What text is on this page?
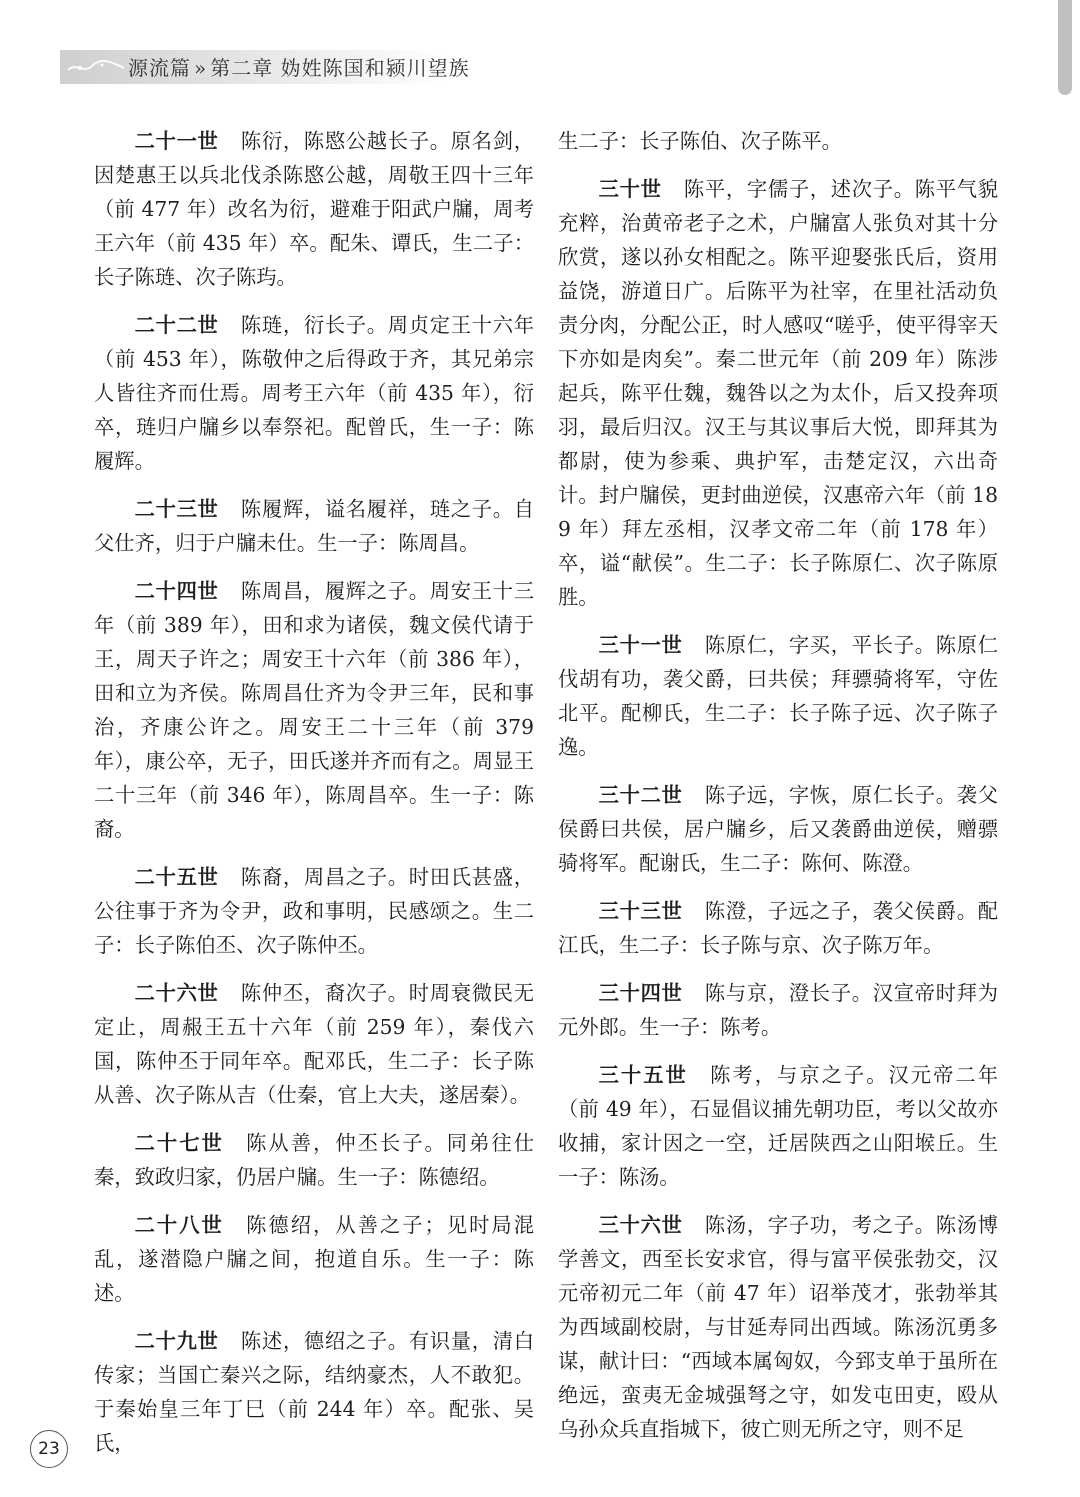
源流篇 » 第二章 妫姓陈国和颍川望族

二十一世 陈衍，陈愍公越长子。原名剑，因楚惠王以兵北伐杀陈愍公越，周敬王四十三年（前 477 年）改名为衍，避难于阳武户牖，周考王六年（前 435 年）卒。配朱、谭氏，生二子：长子陈琏、次子陈玙。

二十二世 陈琏，衍长子。周贞定王十六年（前 453 年），陈敬仲之后得政于齐，其兄弟宗人皆往齐而仕焉。周考王六年（前 435 年），衍卒，琏归户牖乡以奉祭祀。配曾氏，生一子：陈履辉。

二十三世 陈履辉，谥名履祥，琏之子。自父仕齐，归于户牖未仕。生一子：陈周昌。

二十四世 陈周昌，履辉之子。周安王十三年（前 389 年），田和求为诸侯，魏文侯代请于王，周天子许之；周安王十六年（前 386 年），田和立为齐侯。陈周昌仕齐为令尹三年，民和事治，齐康公许之。周安王二十三年（前 379 年），康公卒，无子，田氏遂并齐而有之。周显王二十三年（前 346 年），陈周昌卒。生一子：陈裔。

二十五世 陈裔，周昌之子。时田氏甚盛，公往事于齐为令尹，政和事明，民感颂之。生二子：长子陈伯丕、次子陈仲丕。

二十六世 陈仲丕，裔次子。时周衰微民无定止，周赧王五十六年（前 259 年），秦伐六国，陈仲丕于同年卒。配邓氏，生二子：长子陈从善、次子陈从吉（仕秦，官上大夫，遂居秦）。

二十七世 陈从善，仲丕长子。同弟往仕秦，致政归家，仍居户牖。生一子：陈德绍。

二十八世 陈德绍，从善之子；见时局混乱，遂潜隐户牖之间，抱道自乐。生一子：陈述。

二十九世 陈述，德绍之子。有识量，清白传家；当国亡秦兴之际，结纳豪杰，人不敢犯。于秦始皇三年丁巳（前 244 年）卒。配张、吴氏，

生二子：长子陈伯、次子陈平。

三十世 陈平，字儒子，述次子。陈平气貌充粹，治黄帝老子之术，户牖富人张负对其十分欣赏，遂以孙女相配之。陈平迎娶张氏后，资用益饶，游道日广。后陈平为社宰，在里社活动负责分肉，分配公正，时人感叹“嗟乎，使平得宰天下亦如是肉矣”。秦二世元年（前 209 年）陈涉起兵，陈平仕魏，魏咎以之为太仆，后又投奔项羽，最后归汉。汉王与其议事后大悦，即拜其为都尉，使为参乘、典护军，击楚定汉，六出奇计。封户牖侯，更封曲逆侯，汉惠帝六年（前 189 年）拜左丞相，汉孝文帝二年（前 178 年）卒，谥“献侯”。生二子：长子陈原仁、次子陈原胜。

三十一世 陈原仁，字买，平长子。陈原仁伐胡有功，袭父爵，曰共侯；拜骠骑将军，守佐北平。配柳氏，生二子：长子陈子远、次子陈子逸。

三十二世 陈子远，字恢，原仁长子。袭父侯爵曰共侯，居户牖乡，后又袭爵曲逆侯，赠骠骑将军。配谢氏，生二子：陈何、陈澄。

三十三世 陈澄，子远之子，袭父侯爵。配江氏，生二子：长子陈与京、次子陈万年。

三十四世 陈与京，澄长子。汉宣帝时拜为元外郎。生一子：陈考。

三十五世 陈考，与京之子。汉元帝二年（前 49 年），石显倡议捕先朝功臣，考以父故亦收捕，家计因之一空，迁居陕西之山阳堠丘。生一子：陈汤。

三十六世 陈汤，字子功，考之子。陈汤博学善文，西至长安求官，得与富平侯张勃交，汉元帝初元二年（前 47 年）诏举茂才，张勃举其为西域副校尉，与甘延寿同出西域。陈汤沉勇多谋，献计曰：“西域本属匈奴，今郅支单于虽所在绝远，蛮夷无金城强弩之守，如发屯田吏，殴从乌孙众兵直指城下，彼亡则无所之守，则不足

23
